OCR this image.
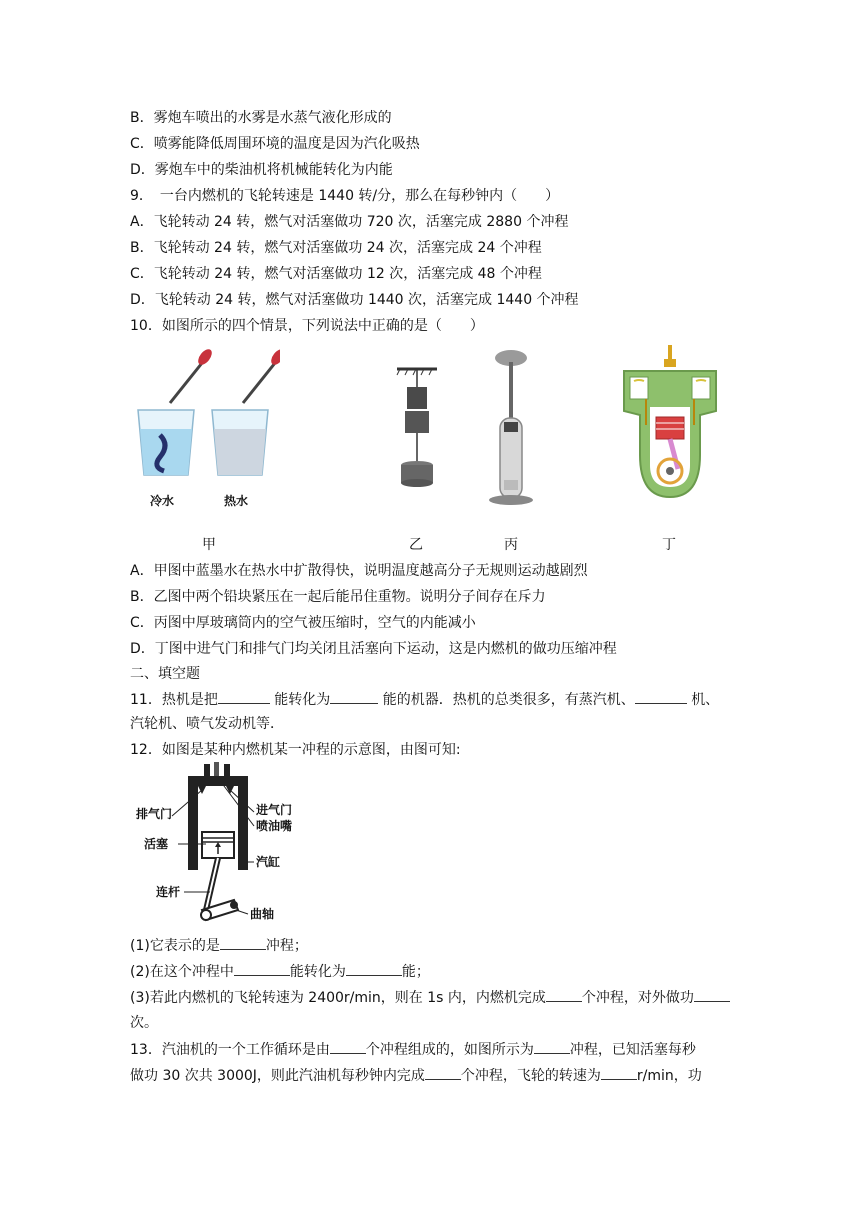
B．雾炮车喷出的水雾是水蒸气液化形成的
C．喷雾能降低周围环境的温度是因为汽化吸热
D．雾炮车中的柴油机将机械能转化为内能
9．　一台内燃机的飞轮转速是 1440 转/分，那么在每秒钟内（　　）
A．飞轮转动 24 转，燃气对活塞做功 720 次，活塞完成 2880 个冲程
B．飞轮转动 24 转，燃气对活塞做功 24 次，活塞完成 24 个冲程
C．飞轮转动 24 转，燃气对活塞做功 12 次，活塞完成 48 个冲程
D．飞轮转动 24 转，燃气对活塞做功 1440 次，活塞完成 1440 个冲程
10．如图所示的四个情景，下列说法中正确的是（　　）
冷水	热水
甲	乙	丙	丁
A．甲图中蓝墨水在热水中扩散得快，说明温度越高分子无规则运动越剧烈
B．乙图中两个铅块紧压在一起后能吊住重物。说明分子间存在斥力
C．丙图中厚玻璃筒内的空气被压缩时，空气的内能减小
D．丁图中进气门和排气门均关闭且活塞向下运动，这是内燃机的做功压缩冲程
二、填空题
11．热机是把	能转化为	能的机器．热机的总类很多，有蒸汽机、	机、
汽轮机、喷气发动机等．
12．如图是某种内燃机某一冲程的示意图，由图可知:
排气门	进气门
喷油嘴
活塞
汽缸
连杆
曲轴
(1)它表示的是	冲程；
(2)在这个冲程中	能转化为	能；
(3)若此内燃机的飞轮转速为 2400r/min，则在 1s 内，内燃机完成	个冲程，对外做功
次。
13．汽油机的一个工作循环是由	个冲程组成的，如图所示为	冲程，已知活塞每秒
做功 30 次共 3000J，则此汽油机每秒钟内完成	个冲程，飞轮的转速为	r/min，功
